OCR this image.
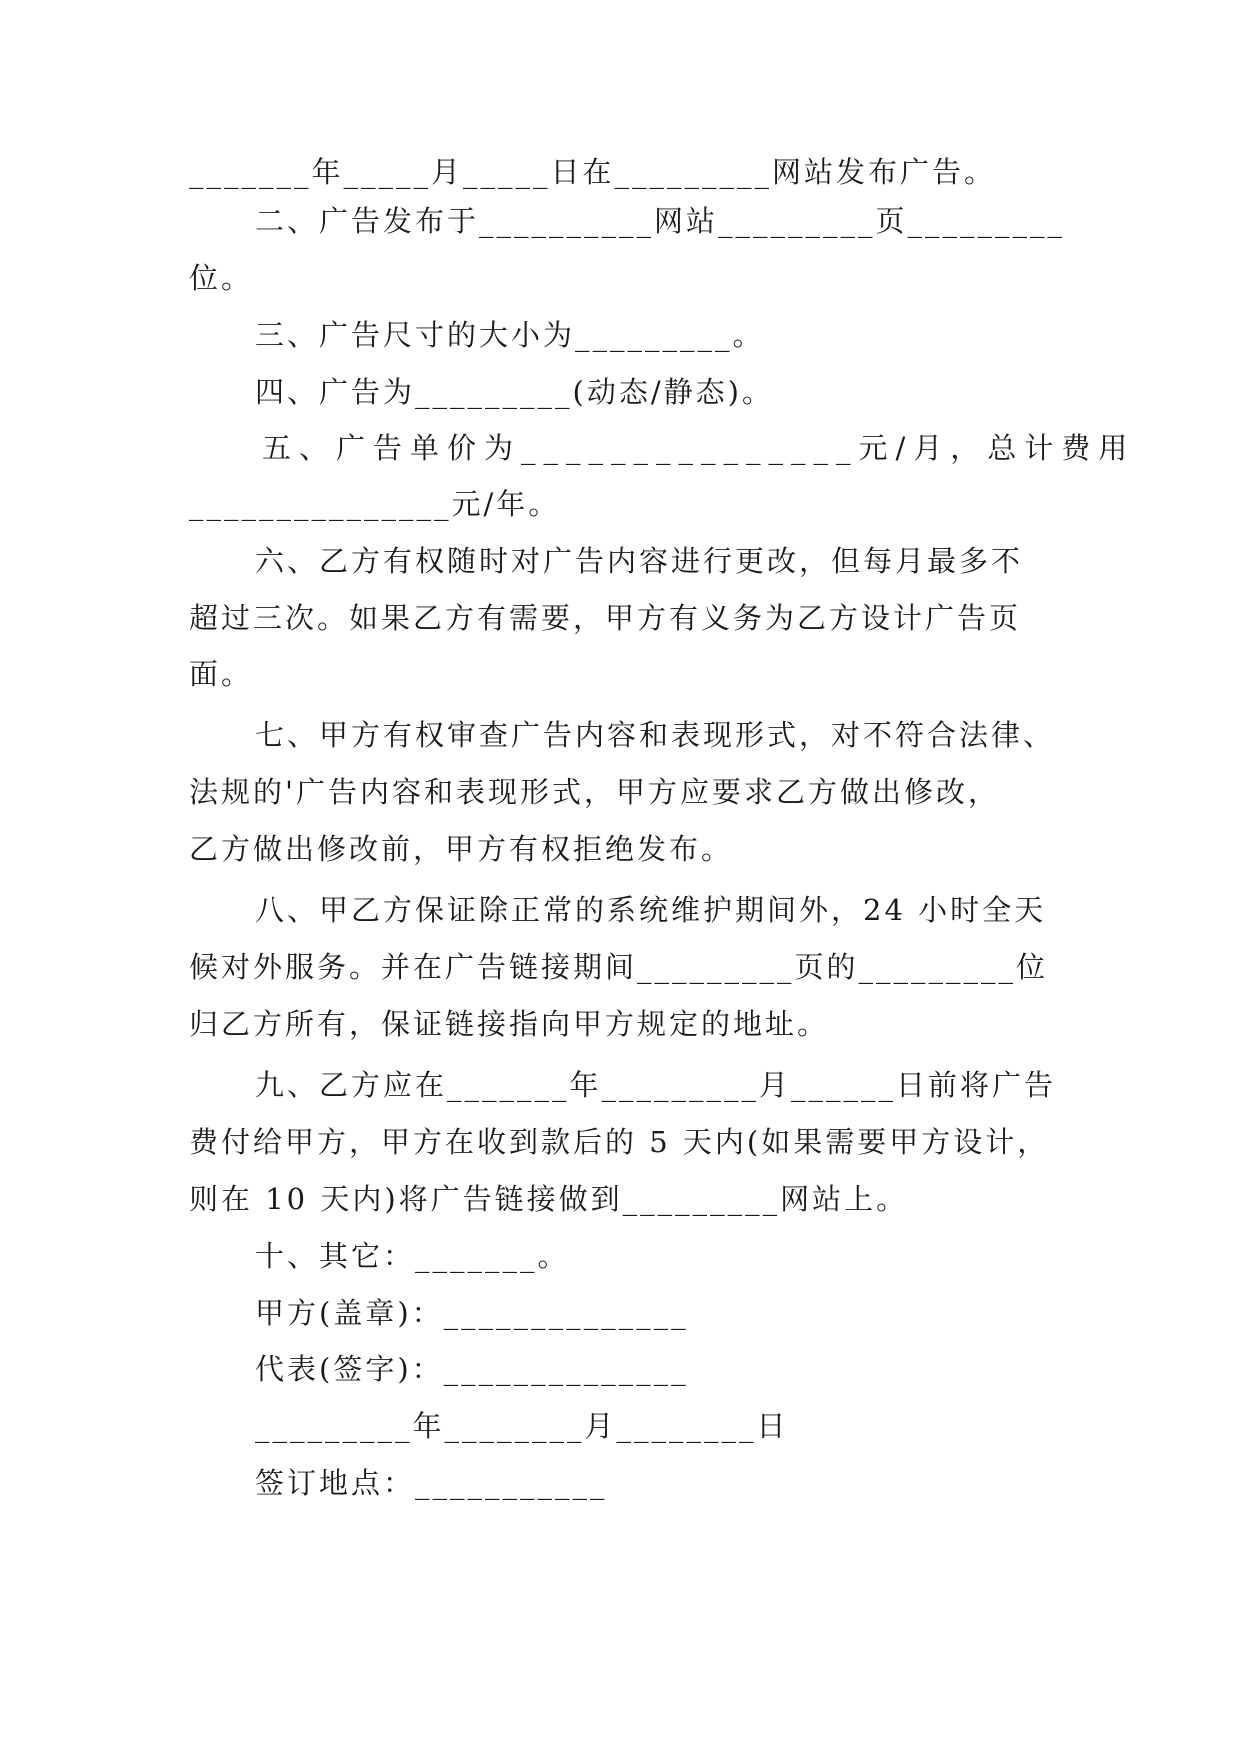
_______年_____月_____日在_________网站发布广告。
二、广告发布于__________网站_________页_________
位。
三、广告尺寸的大小为_________。
四、广告为_________(动态/静态)。
五、广告单价为_______________元/月，总计费用
_______________元/年。
六、乙方有权随时对广告内容进行更改，但每月最多不
超过三次。如果乙方有需要，甲方有义务为乙方设计广告页
面。
七、甲方有权审查广告内容和表现形式，对不符合法律、
法规的'广告内容和表现形式，甲方应要求乙方做出修改，
乙方做出修改前，甲方有权拒绝发布。
八、甲乙方保证除正常的系统维护期间外，24 小时全天
候对外服务。并在广告链接期间_________页的_________位
归乙方所有，保证链接指向甲方规定的地址。
九、乙方应在_______年_________月______日前将广告
费付给甲方，甲方在收到款后的 5 天内(如果需要甲方设计，
则在 10 天内)将广告链接做到_________网站上。
十、其它：_______。
甲方(盖章)：______________
代表(签字)：______________
_________年________月________日
签订地点：___________
